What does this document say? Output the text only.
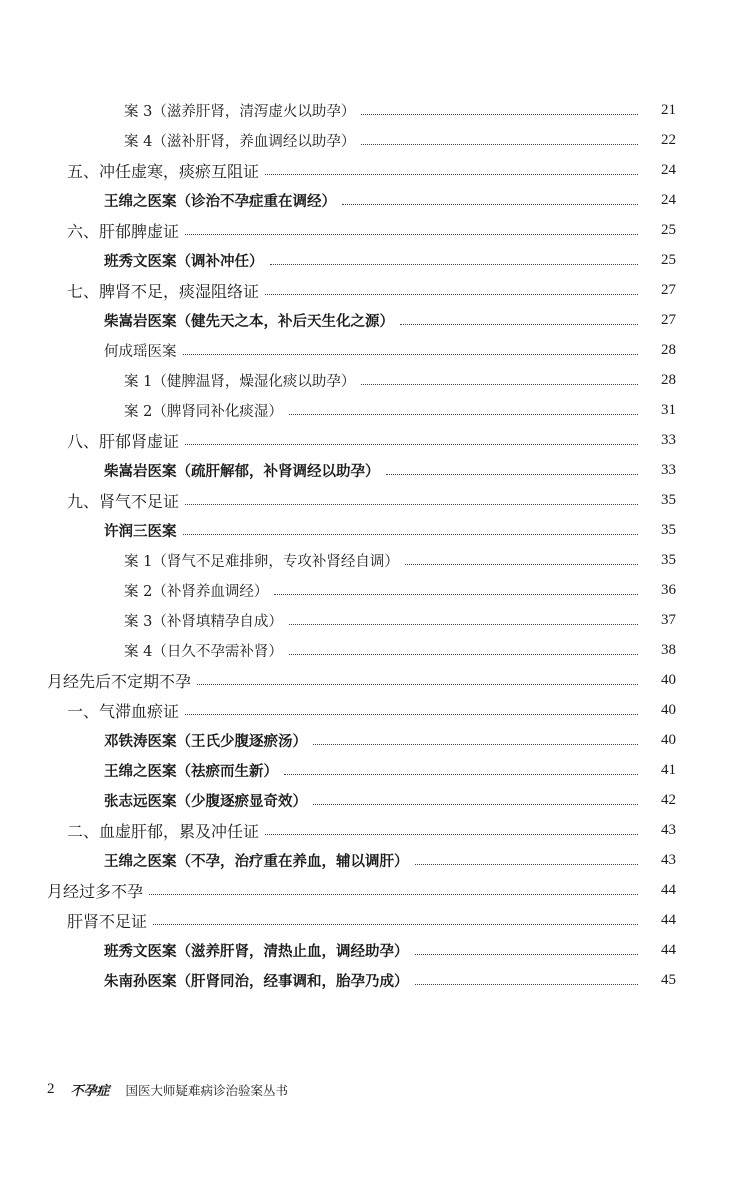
案 3（滋养肝肾，清泻虚火以助孕）	21
案 4（滋补肝肾，养血调经以助孕）	22
五、冲任虚寒，痰瘀互阻证	24
王绵之医案（诊治不孕症重在调经）	24
六、肝郁脾虚证	25
班秀文医案（调补冲任）	25
七、脾肾不足，痰湿阻络证	27
柴嵩岩医案（健先天之本，补后天生化之源）	27
何成瑶医案	28
案 1（健脾温肾，燥湿化痰以助孕）	28
案 2（脾肾同补化痰湿）	31
八、肝郁肾虚证	33
柴嵩岩医案（疏肝解郁，补肾调经以助孕）	33
九、肾气不足证	35
许润三医案	35
案 1（肾气不足难排卵，专攻补肾经自调）	35
案 2（补肾养血调经）	36
案 3（补肾填精孕自成）	37
案 4（日久不孕需补肾）	38
月经先后不定期不孕	40
一、气滞血瘀证	40
邓铁涛医案（王氏少腹逐瘀汤）	40
王绵之医案（祛瘀而生新）	41
张志远医案（少腹逐瘀显奇效）	42
二、血虚肝郁，累及冲任证	43
王绵之医案（不孕，治疗重在养血，辅以调肝）	43
月经过多不孕	44
肝肾不足证	44
班秀文医案（滋养肝肾，清热止血，调经助孕）	44
朱南孙医案（肝肾同治，经事调和，胎孕乃成）	45
2 不孕症 国医大师疑难病诊治验案丛书
